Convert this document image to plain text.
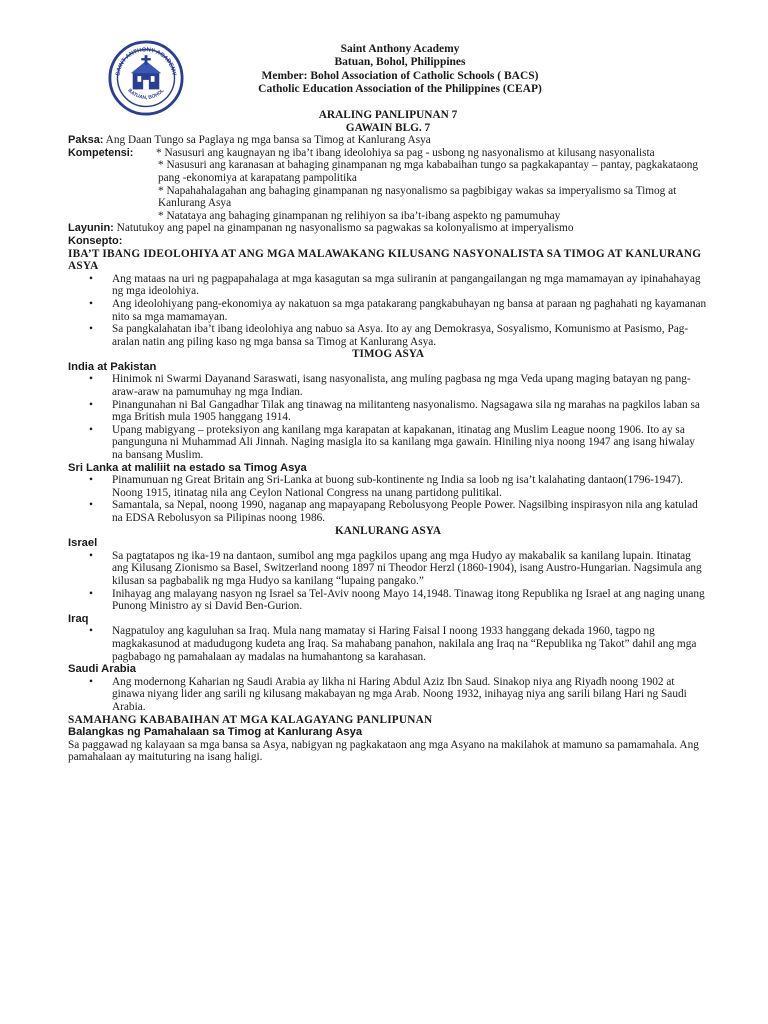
SAINT ANTHONY ACADEMY
BATUAN, BOHOL
Saint Anthony Academy
Batuan, Bohol, Philippines
Member: Bohol Association of Catholic Schools ( BACS)
Catholic Education Association of the Philippines (CEAP)
ARALING PANLIPUNAN 7
GAWAIN BLG. 7
Paksa: Ang Daan Tungo sa Paglaya ng mga bansa sa Timog at Kanlurang Asya
Kompetensi:	* Nasusuri ang kaugnayan ng iba’t ibang ideolohiya sa pag - usbong ng nasyonalismo at kilusang nasyonalista
* Nasusuri ang karanasan at bahaging ginampanan ng mga kababaihan tungo sa pagkakapantay – pantay, pagkakataong pang -ekonomiya at karapatang pampolitika
* Napahahalagahan ang bahaging ginampanan ng nasyonalismo sa pagbibigay wakas sa imperyalismo sa Timog at Kanlurang Asya
* Natataya ang bahaging ginampanan ng relihiyon sa iba’t-ibang aspekto ng pamumuhay
Layunin: Natutukoy ang papel na ginampanan ng nasyonalismo sa pagwakas sa kolonyalismo at imperyalismo
Konsepto:
IBA’T IBANG IDEOLOHIYA AT ANG MGA MALAWAKANG KILUSANG NASYONALISTA SA TIMOG AT KANLURANG ASYA
• Ang mataas na uri ng pagpapahalaga at mga kasagutan sa mga suliranin at pangangailangan ng mga mamamayan ay ipinahahayag ng mga ideolohiya.
• Ang ideolohiyang pang-ekonomiya ay nakatuon sa mga patakarang pangkabuhayan ng bansa at paraan ng paghahati ng kayamanan nito sa mga mamamayan.
• Sa pangkalahatan iba’t ibang ideolohiya ang nabuo sa Asya. Ito ay ang Demokrasya, Sosyalismo, Komunismo at Pasismo, Pag-aralan natin ang piling kaso ng mga bansa sa Timog at Kanlurang Asya.
TIMOG ASYA
India at Pakistan
• Hinimok ni Swarmi Dayanand Saraswati, isang nasyonalista, ang muling pagbasa ng mga Veda upang maging batayan ng pang-araw-araw na pamumuhay ng mga Indian.
• Pinangunahan ni Bal Gangadhar Tilak ang tinawag na militanteng nasyonalismo. Nagsagawa sila ng marahas na pagkilos laban sa mga British mula 1905 hanggang 1914.
• Upang mabigyang – proteksiyon ang kanilang mga karapatan at kapakanan, itinatag ang Muslim League noong 1906. Ito ay sa pangunguna ni Muhammad Ali Jinnah. Naging masigla ito sa kanilang mga gawain. Hiniling niya noong 1947 ang isang hiwalay na bansang Muslim.
Sri Lanka at maliliit na estado sa Timog Asya
• Pinamunuan ng Great Britain ang Sri-Lanka at buong sub-kontinente ng India sa loob ng isa’t kalahating dantaon(1796-1947). Noong 1915, itinatag nila ang Ceylon National Congress na unang partidong pulitikal.
• Samantala, sa Nepal, noong 1990, naganap ang mapayapang Rebolusyong People Power. Nagsilbing inspirasyon nila ang katulad na EDSA Rebolusyon sa Pilipinas noong 1986.
KANLURANG ASYA
Israel
• Sa pagtatapos ng ika-19 na dantaon, sumibol ang mga pagkilos upang ang mga Hudyo ay makabalik sa kanilang lupain. Itinatag ang Kilusang Zionismo sa Basel, Switzerland noong 1897 ni Theodor Herzl (1860-1904), isang Austro-Hungarian. Nagsimula ang kilusan sa pagbabalik ng mga Hudyo sa kanilang “lupaing pangako.”
• Inihayag ang malayang nasyon ng Israel sa Tel-Aviv noong Mayo 14,1948. Tinawag itong Republika ng Israel at ang naging unang Punong Ministro ay si David Ben-Gurion.
Iraq
• Nagpatuloy ang kaguluhan sa Iraq. Mula nang mamatay si Haring Faisal I noong 1933 hanggang dekada 1960, tagpo ng magkakasunod at madudugong kudeta ang Iraq. Sa mahabang panahon, nakilala ang Iraq na “Republika ng Takot” dahil ang mga pagbabago ng pamahalaan ay madalas na humahantong sa karahasan.
Saudi Arabia
• Ang modernong Kaharian ng Saudi Arabia ay likha ni Haring Abdul Aziz Ibn Saud. Sinakop niya ang Riyadh noong 1902 at ginawa niyang lider ang sarili ng kilusang makabayan ng mga Arab. Noong 1932, inihayag niya ang sarili bilang Hari ng Saudi Arabia.
SAMAHANG KABABAIHAN AT MGA KALAGAYANG PANLIPUNAN
Balangkas ng Pamahalaan sa Timog at Kanlurang Asya
Sa paggawad ng kalayaan sa mga bansa sa Asya, nabigyan ng pagkakataon ang mga Asyano na makilahok at mamuno sa pamamahala. Ang pamahalaan ay maituturing na isang haligi.
